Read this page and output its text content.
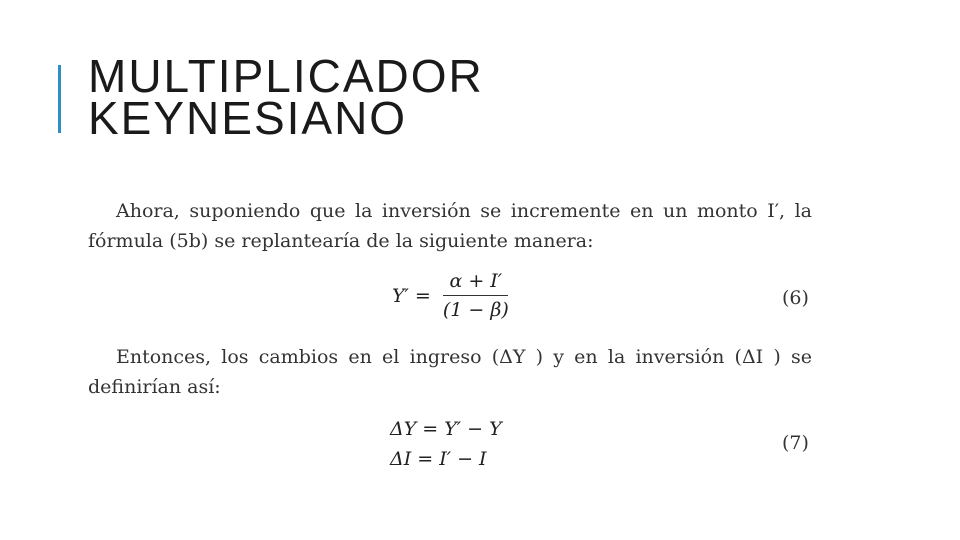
MULTIPLICADOR
KEYNESIANO
Ahora, suponiendo que la inversión se incremente en un monto I′, la fórmula (5b) se replantearía de la siguiente manera:
$Y' = \frac{\alpha + I'}{(1 - \beta)}$	(6)
Entonces, los cambios en el ingreso (ΔY ) y en la inversión (ΔI ) se definirían así:
ΔY = Y′ − Y
ΔI = I′ − I
(7)
